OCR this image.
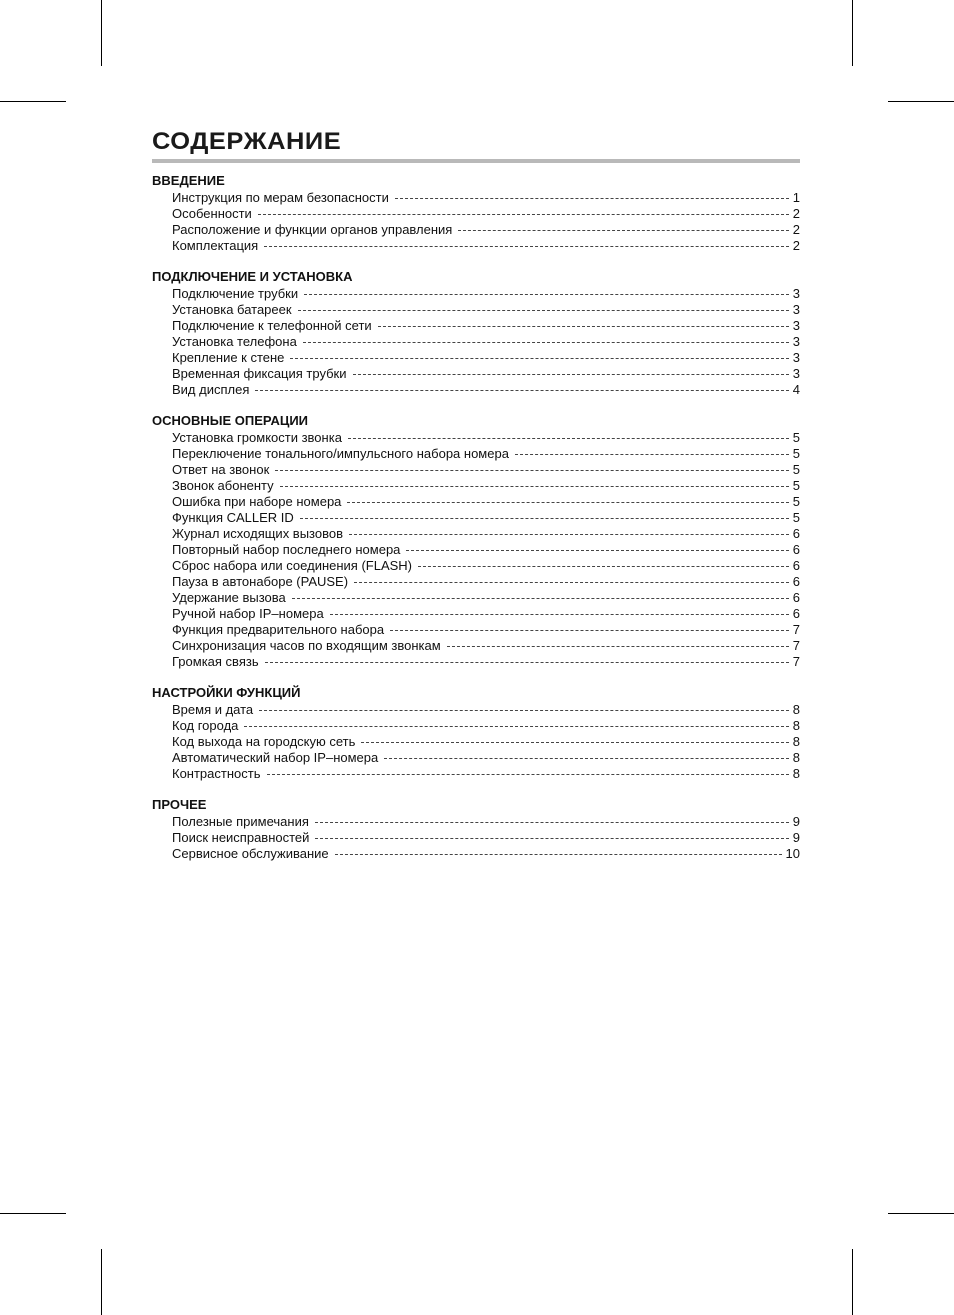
СОДЕРЖАНИЕ
ВВЕДЕНИЕ
Инструкция по мерам безопасности	1
Особенности	2
Расположение и функции органов управления	2
Комплектация	2
ПОДКЛЮЧЕНИЕ И УСТАНОВКА
Подключение трубки	3
Установка батареек	3
Подключение к телефонной сети	3
Установка телефона	3
Крепление к стене	3
Временная фиксация трубки	3
Вид дисплея	4
ОСНОВНЫЕ ОПЕРАЦИИ
Установка громкости звонка	5
Переключение тонального/импульсного набора номера	5
Ответ на звонок	5
Звонок абоненту	5
Ошибка при наборе номера	5
Функция CALLER ID	5
Журнал исходящих вызовов	6
Повторный набор последнего номера	6
Сброс набора или соединения (FLASH)	6
Пауза в автонаборе (PAUSE)	6
Удержание вызова	6
Ручной набор IP–номера	6
Функция предварительного набора	7
Синхронизация часов по входящим звонкам	7
Громкая связь	7
НАСТРОЙКИ ФУНКЦИЙ
Время и дата	8
Код города	8
Код выхода на городскую сеть	8
Автоматический набор IP–номера	8
Контрастность	8
ПРОЧЕЕ
Полезные примечания	9
Поиск неисправностей	9
Сервисное обслуживание	10
